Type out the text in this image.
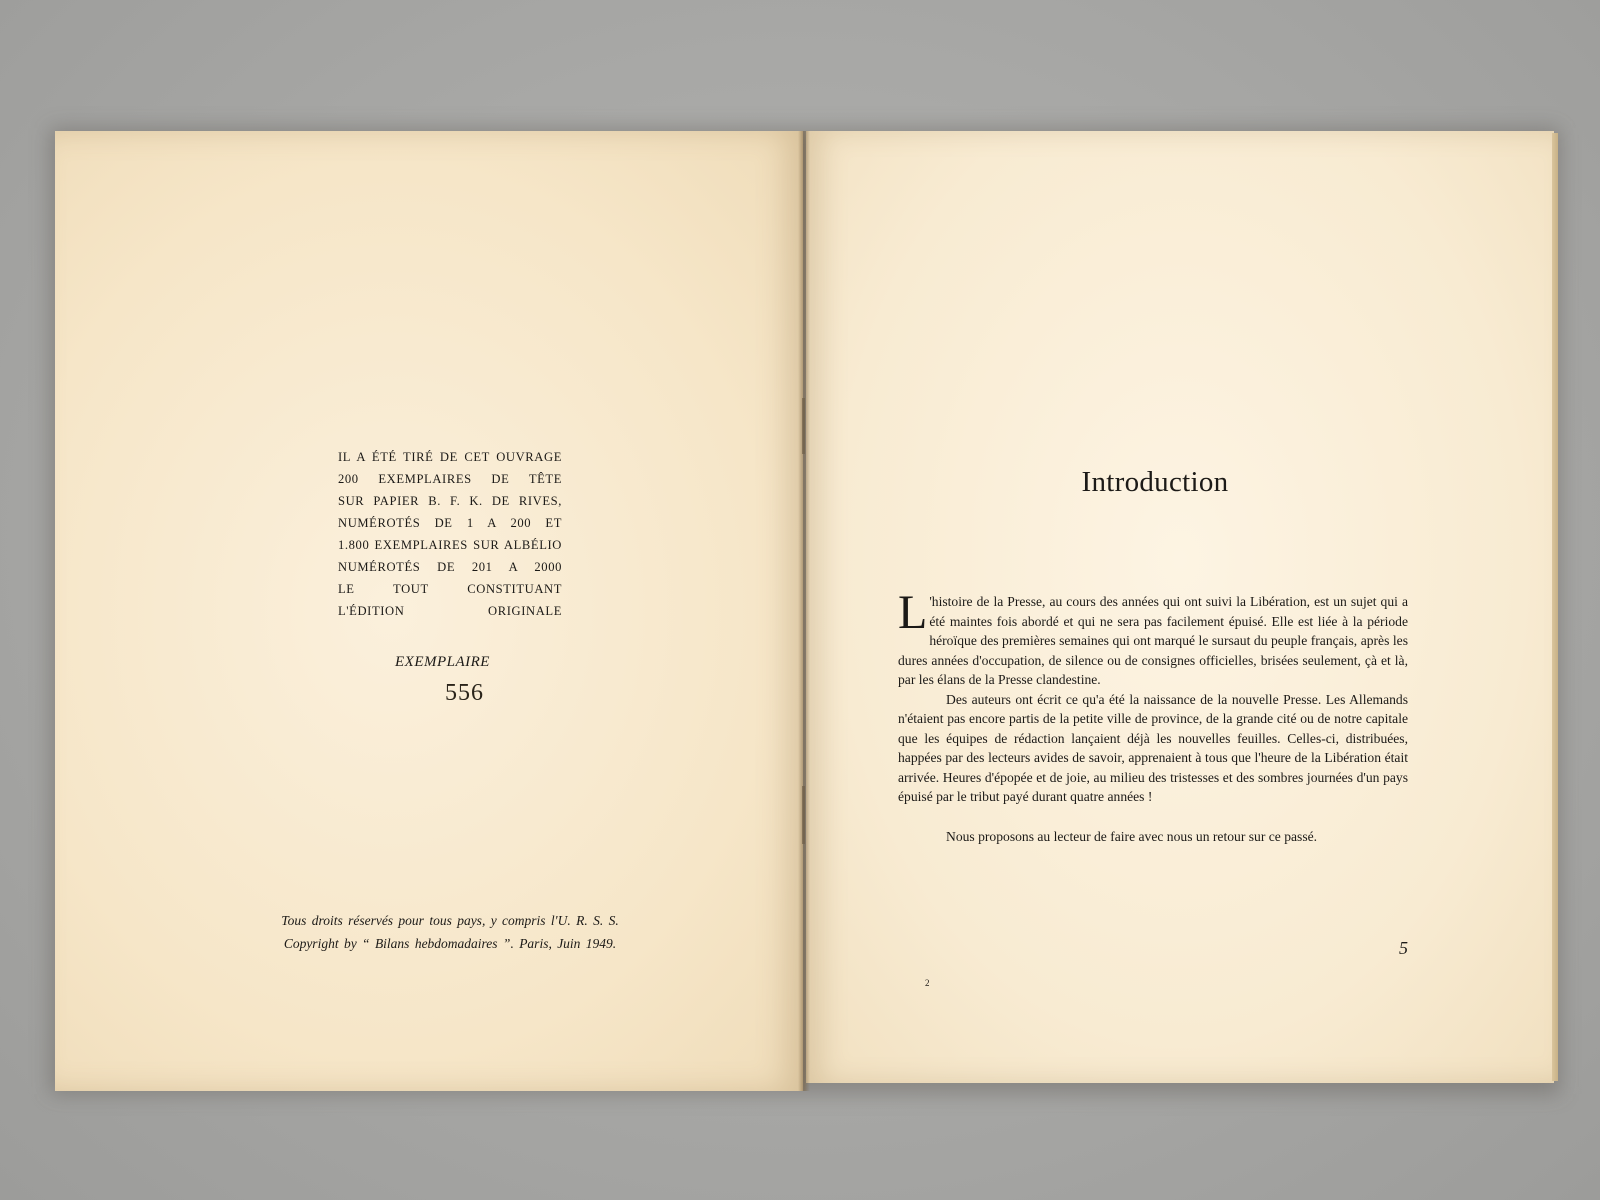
IL A ÉTÉ TIRÉ DE CET OUVRAGE
200 EXEMPLAIRES DE TÊTE
SUR PAPIER B. F. K. DE RIVES,
NUMÉROTÉS DE 1 A 200 ET
1.800 EXEMPLAIRES SUR ALBÉLIO
NUMÉROTÉS DE 201 A 2000
LE TOUT CONSTITUANT
L'ÉDITION ORIGINALE
EXEMPLAIRE
556
Tous droits réservés pour tous pays, y compris l'U. R. S. S.
Copyright by “ Bilans hebdomadaires ”. Paris, Juin 1949.
Introduction
L 'histoire de la Presse, au cours des années qui ont suivi la Libération, est un sujet qui a été maintes fois abordé et qui ne sera pas facilement épuisé. Elle est liée à la période héroïque des premières semaines qui ont marqué le sursaut du peuple français, après les dures années d'occupation, de silence ou de consignes officielles, brisées seulement, çà et là, par les élans de la Presse clandestine.

Des auteurs ont écrit ce qu'a été la naissance de la nouvelle Presse. Les Allemands n'étaient pas encore partis de la petite ville de province, de la grande cité ou de notre capitale que les équipes de rédaction lançaient déjà les nouvelles feuilles. Celles-ci, distribuées, happées par des lecteurs avides de savoir, apprenaient à tous que l'heure de la Libération était arrivée. Heures d'épopée et de joie, au milieu des tristesses et des sombres journées d'un pays épuisé par le tribut payé durant quatre années !

Nous proposons au lecteur de faire avec nous un retour sur ce passé.

5
2
